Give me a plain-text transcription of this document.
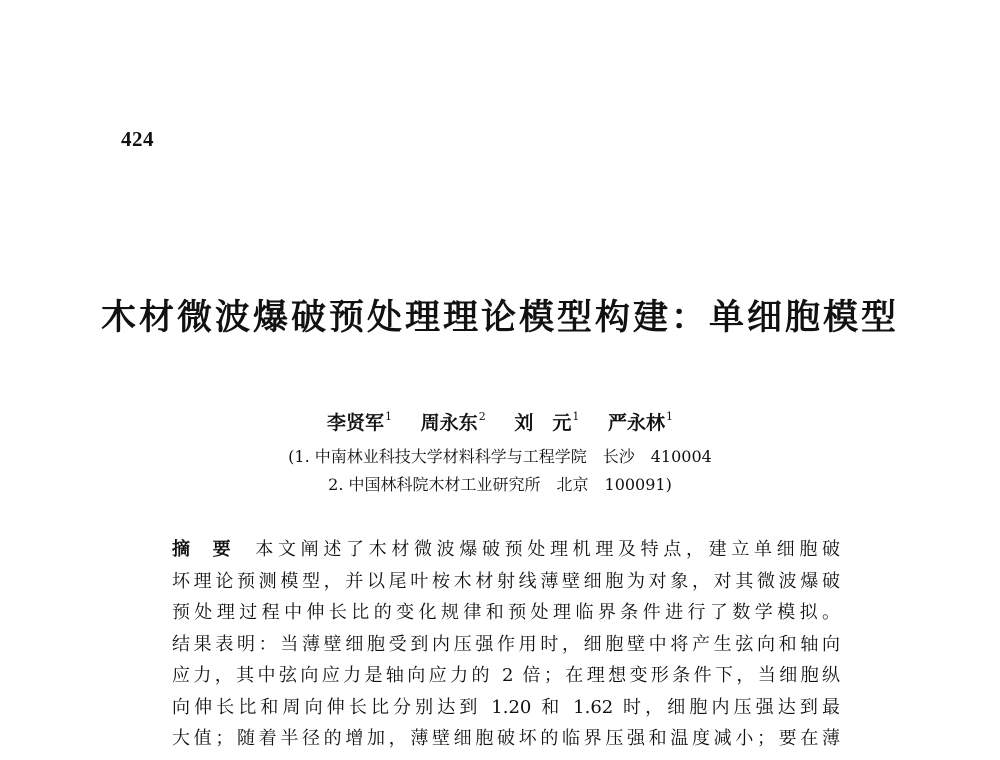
424
木材微波爆破预处理理论模型构建：单细胞模型
李贤军$^1$ 周永东$^2$ 刘　元$^1$ 严永林$^1$
(1. 中南林业科技大学材料科学与工程学院　长沙　410004
2. 中国林科院木材工业研究所　北京　100091)
摘要 本文阐述了木材微波爆破预处理机理及特点，建立单细胞破
坏理论预测模型，并以尾叶桉木材射线薄壁细胞为对象，对其微波爆破
预处理过程中伸长比的变化规律和预处理临界条件进行了数学模拟。
结果表明：当薄壁细胞受到内压强作用时，细胞壁中将产生弦向和轴向
应力，其中弦向应力是轴向应力的 2 倍；在理想变形条件下，当细胞纵
向伸长比和周向伸长比分别达到 1.20 和 1.62 时，细胞内压强达到最
大值；随着半径的增加，薄壁细胞破坏的临界压强和温度减小；要在薄
